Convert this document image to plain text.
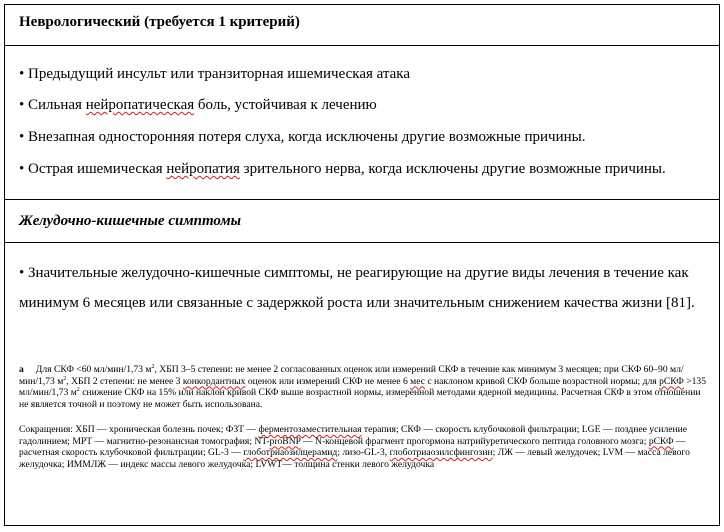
Неврологический (требуется 1 критерий)
• Предыдущий инсульт или транзиторная ишемическая атака
• Сильная нейропатическая боль, устойчивая к лечению
• Внезапная односторонняя потеря слуха, когда исключены другие возможные причины.
• Острая ишемическая нейропатия зрительного нерва, когда исключены другие возможные причины.
Желудочно-кишечные симптомы
• Значительные желудочно-кишечные симптомы, не реагирующие на другие виды лечения в течение как минимум 6 месяцев или связанные с задержкой роста или значительным снижением качества жизни [81].
a Для СКФ <60 мл/мин/1,73 $м^2$, ХБП 3–5 степени: не менее 2 согласованных оценок или измерений СКФ в течение как минимум 3 месяцев; при СКФ 60–90 мл/мин/1,73 $м^2$, ХБП 2 степени: не менее 3 конкордантных оценок или измерений СКФ не менее 6 мес с наклоном кривой СКФ больше возрастной нормы; для рСКФ >135 мл/мин/1,73 $м^2$ снижение СКФ на 15% или наклон кривой СКФ выше возрастной нормы, измеренной методами ядерной медицины. Расчетная СКФ в этом отношении не является точной и поэтому не может быть использована.
Сокращения: ХБП — хроническая болезнь почек; ФЗТ — ферментозаместительная терапия; СКФ — скорость клубочковой фильтрации; LGE — позднее усиление гадолинием; МРТ — магнитно-резонансная томография; NT-proBNP — N-концевой фрагмент прогормона натрийуретического пептида головного мозга; рСКФ — расчетная скорость клубочковой фильтрации; GL-3 — глоботриаозилцерамид; лизо-GL-3, глоботриаозилсфингозин; ЛЖ — левый желудочек; LVM — масса левого желудочка; ИММЛЖ — индекс массы левого желудочка; LVWT— толщина стенки левого желудочка
